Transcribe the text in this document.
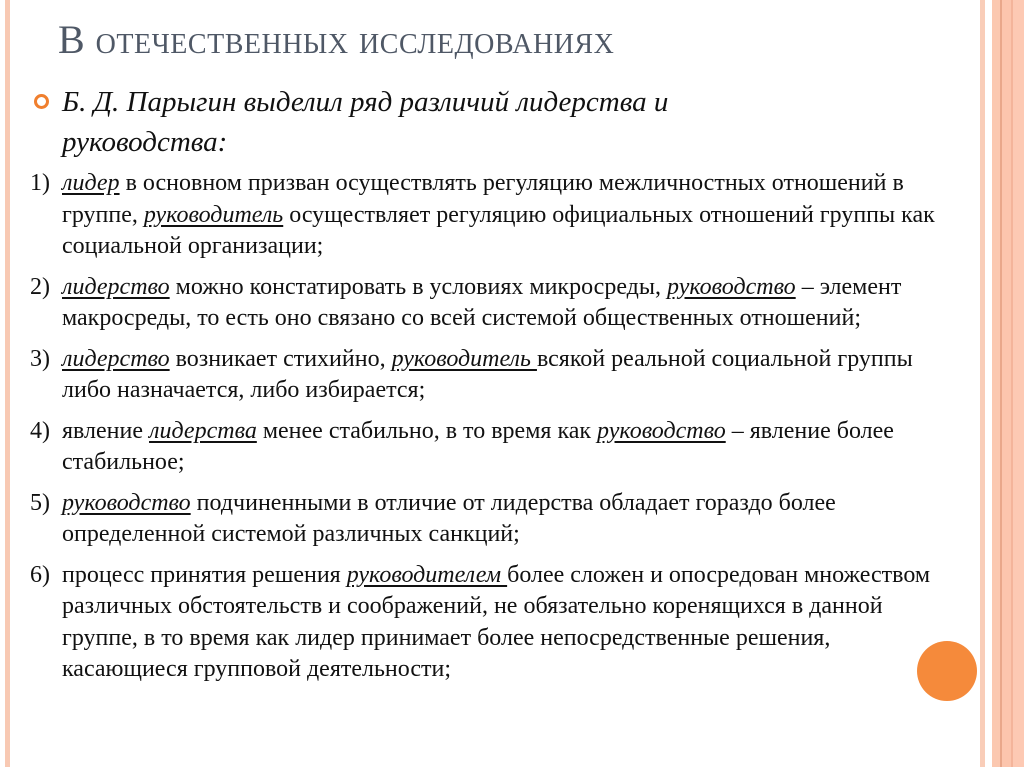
В отечественных исследованиях
Б. Д. Парыгин выделил ряд различий лидерства и руководства:
1) лидер в основном призван осуществлять регуляцию межличностных отношений в группе, руководитель осуществляет регуляцию официальных отношений группы как социальной организации;
2) лидерство можно констатировать в условиях микросреды, руководство – элемент макросреды, то есть оно связано со всей системой общественных отношений;
3) лидерство возникает стихийно, руководитель всякой реальной социальной группы либо назначается, либо избирается;
4) явление лидерства менее стабильно, в то время как руководство – явление более стабильное;
5) руководство подчиненными в отличие от лидерства обладает гораздо более определенной системой различных санкций;
6) процесс принятия решения руководителем более сложен и опосредован множеством различных обстоятельств и соображений, не обязательно коренящихся в данной группе, в то время как лидер принимает более непосредственные решения, касающиеся групповой деятельности;
